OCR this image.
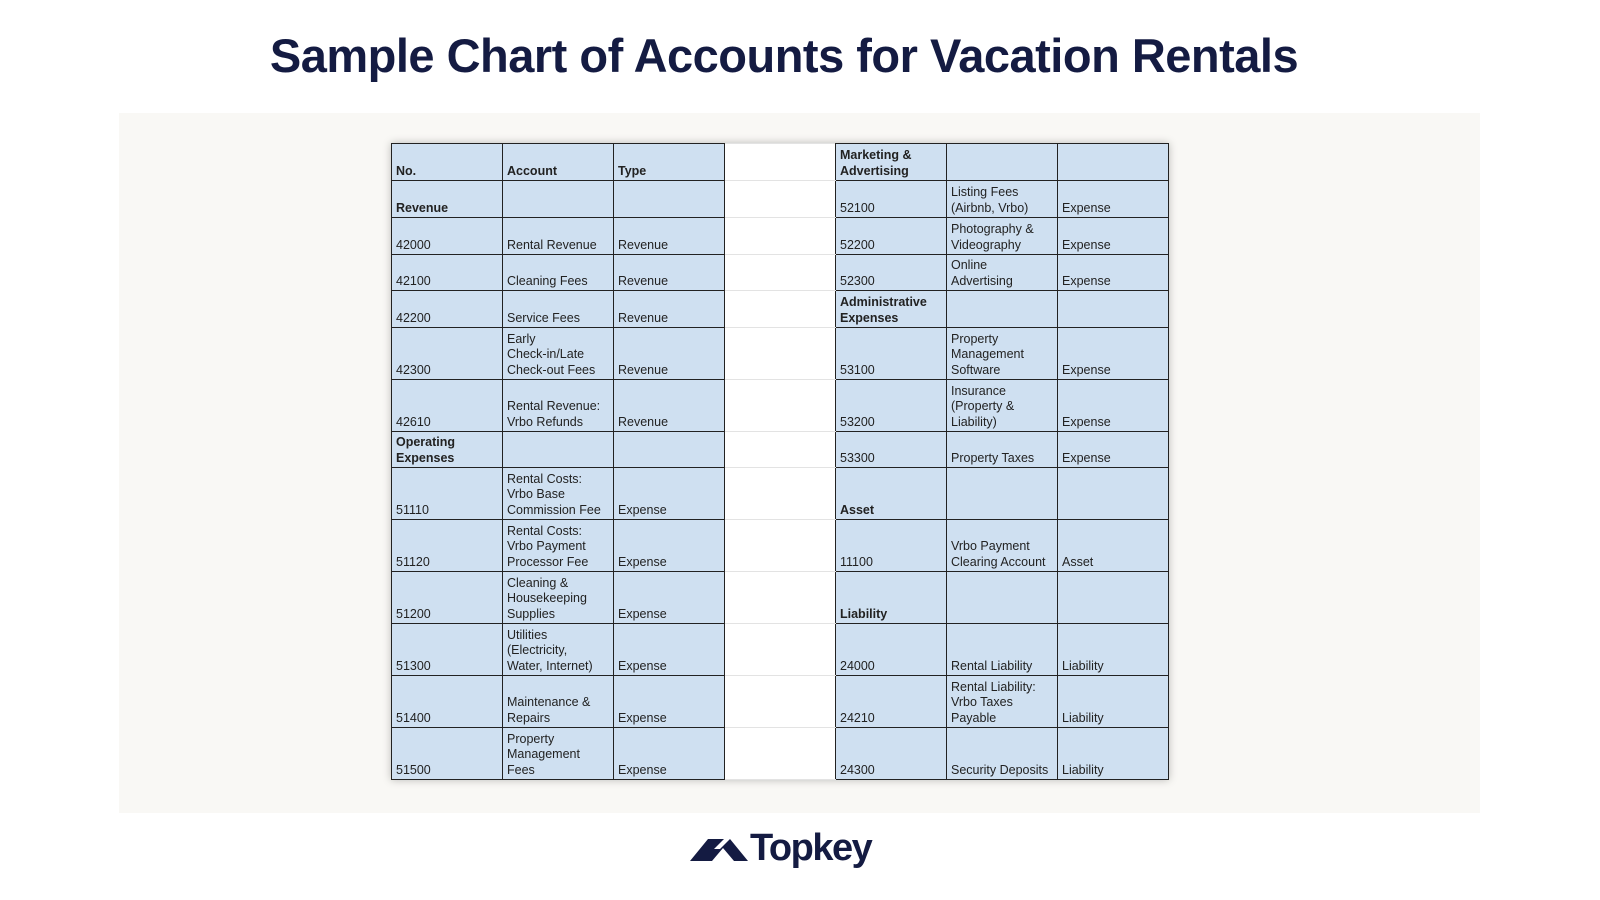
Sample Chart of Accounts for Vacation Rentals
No.	Account	Type		Marketing &
Advertising		
Revenue				52100	Listing Fees
(Airbnb, Vrbo)	Expense
42000	Rental Revenue	Revenue		52200	Photography &
Videography	Expense
42100	Cleaning Fees	Revenue		52300	Online
Advertising	Expense
42200	Service Fees	Revenue		Administrative
Expenses		
42300	Early
Check-in/Late
Check-out Fees	Revenue		53100	Property
Management
Software	Expense
42610	Rental Revenue:
Vrbo Refunds	Revenue		53200	Insurance
(Property &
Liability)	Expense
Operating
Expenses				53300	Property Taxes	Expense
51110	Rental Costs:
Vrbo Base
Commission Fee	Expense		Asset		
51120	Rental Costs:
Vrbo Payment
Processor Fee	Expense		11100	Vrbo Payment
Clearing Account	Asset
51200	Cleaning &
Housekeeping
Supplies	Expense		Liability		
51300	Utilities
(Electricity,
Water, Internet)	Expense		24000	Rental Liability	Liability
51400	Maintenance &
Repairs	Expense		24210	Rental Liability:
Vrbo Taxes
Payable	Liability
51500	Property
Management
Fees	Expense		24300	Security Deposits	Liability
Topkey
